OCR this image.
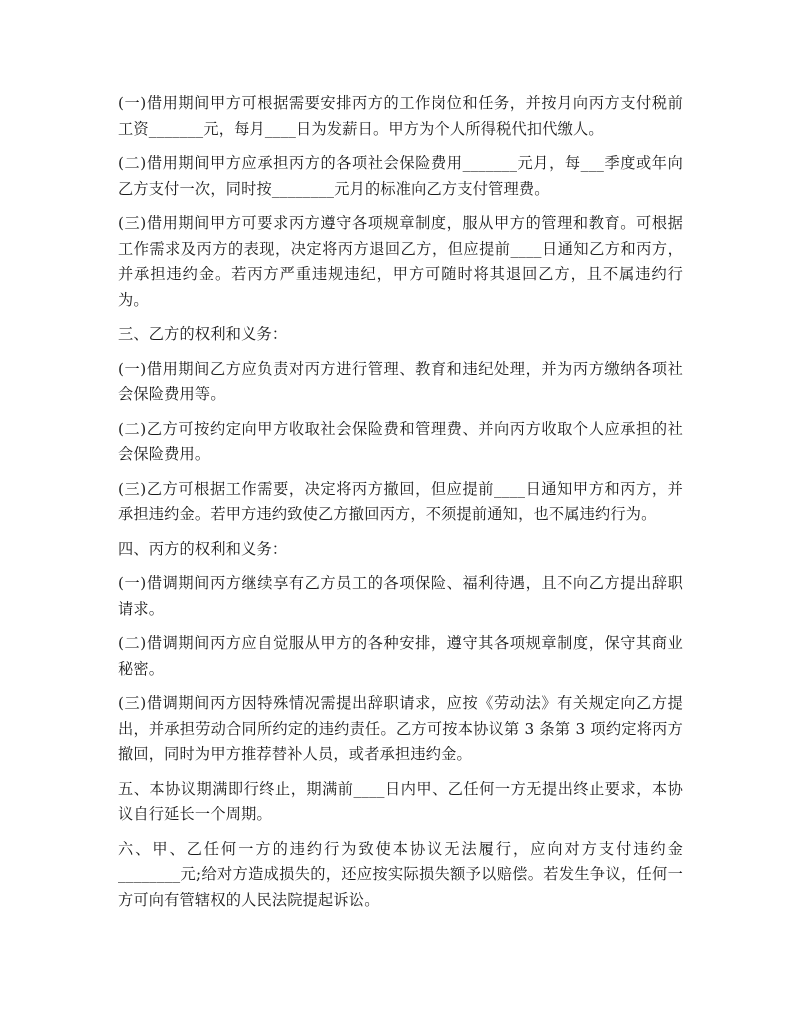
(一)借用期间甲方可根据需要安排丙方的工作岗位和任务，并按月向丙方支付税前工资_______元，每月____日为发薪日。甲方为个人所得税代扣代缴人。

(二)借用期间甲方应承担丙方的各项社会保险费用_______元月，每___季度或年向乙方支付一次，同时按________元月的标准向乙方支付管理费。

(三)借用期间甲方可要求丙方遵守各项规章制度，服从甲方的管理和教育。可根据工作需求及丙方的表现，决定将丙方退回乙方，但应提前____日通知乙方和丙方，并承担违约金。若丙方严重违规违纪，甲方可随时将其退回乙方，且不属违约行为。

三、乙方的权利和义务：

(一)借用期间乙方应负责对丙方进行管理、教育和违纪处理，并为丙方缴纳各项社会保险费用等。

(二)乙方可按约定向甲方收取社会保险费和管理费、并向丙方收取个人应承担的社会保险费用。

(三)乙方可根据工作需要，决定将丙方撤回，但应提前____日通知甲方和丙方，并承担违约金。若甲方违约致使乙方撤回丙方，不须提前通知，也不属违约行为。

四、丙方的权利和义务：

(一)借调期间丙方继续享有乙方员工的各项保险、福利待遇，且不向乙方提出辞职请求。

(二)借调期间丙方应自觉服从甲方的各种安排，遵守其各项规章制度，保守其商业秘密。

(三)借调期间丙方因特殊情况需提出辞职请求，应按《劳动法》有关规定向乙方提出，并承担劳动合同所约定的违约责任。乙方可按本协议第 3 条第 3 项约定将丙方撤回，同时为甲方推荐替补人员，或者承担违约金。

五、本协议期满即行终止，期满前____日内甲、乙任何一方无提出终止要求，本协议自行延长一个周期。

六、甲、乙任何一方的违约行为致使本协议无法履行，应向对方支付违约金________元;给对方造成损失的，还应按实际损失额予以赔偿。若发生争议，任何一方可向有管辖权的人民法院提起诉讼。
